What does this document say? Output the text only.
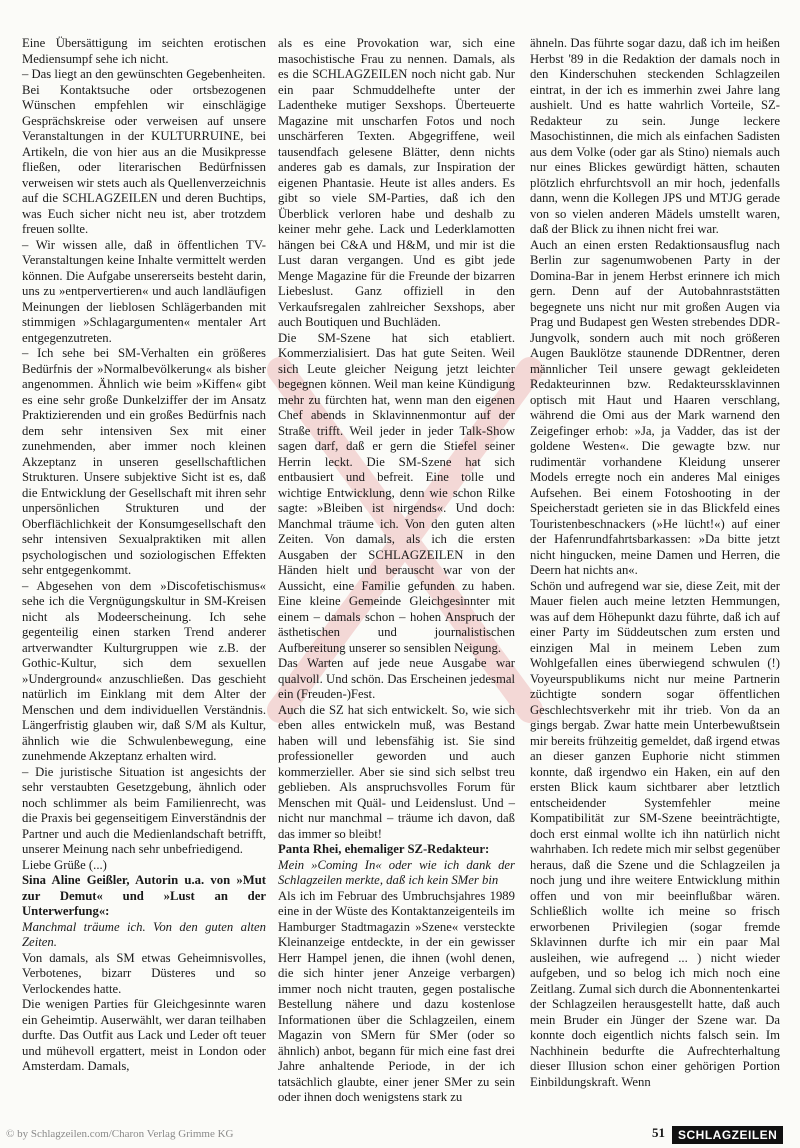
Eine Übersättigung im seichten erotischen Mediensumpf sehe ich nicht.

– Das liegt an den gewünschten Gegebenheiten.

Bei Kontaktsuche oder ortsbezogenen Wünschen empfehlen wir einschlägige Gesprächskreise oder verweisen auf unsere Veranstaltungen in der KULTURRUINE, bei Artikeln, die von hier aus an die Musikpresse fließen, oder literarischen Bedürfnissen verweisen wir stets auch als Quellenverzeichnis auf die SCHLAGZEILEN und deren Buchtips, was Euch sicher nicht neu ist, aber trotzdem freuen sollte.

– Wir wissen alle, daß in öffentlichen TV-Veranstaltungen keine Inhalte vermittelt werden können. Die Aufgabe unsererseits besteht darin, uns zu »entpervertieren« und auch landläufigen Meinungen der lieblosen Schlägerbanden mit stimmigen »Schlagargumenten« mentaler Art entgegenzutreten.

– Ich sehe bei SM-Verhalten ein größeres Bedürfnis der »Normalbevölkerung« als bisher angenommen. Ähnlich wie beim »Kiffen« gibt es eine sehr große Dunkelziffer der im Ansatz Praktizierenden und ein großes Bedürfnis nach dem sehr intensiven Sex mit einer zunehmenden, aber immer noch kleinen Akzeptanz in unseren gesellschaftlichen Strukturen. Unsere subjektive Sicht ist es, daß die Entwicklung der Gesellschaft mit ihren sehr unpersönlichen Strukturen und der Oberflächlichkeit der Konsumgesellschaft den sehr intensiven Sexualpraktiken mit allen psychologischen und soziologischen Effekten sehr entgegenkommt.

– Abgesehen von dem »Discofetischismus« sehe ich die Vergnügungskultur in SM-Kreisen nicht als Modeerscheinung. Ich sehe gegenteilig einen starken Trend anderer artverwandter Kulturgruppen wie z.B. der Gothic-Kultur, sich dem sexuellen »Underground« anzuschließen. Das geschieht natürlich im Einklang mit dem Alter der Menschen und dem individuellen Verständnis. Längerfristig glauben wir, daß S/M als Kultur, ähnlich wie die Schwulenbewegung, eine zunehmende Akzeptanz erhalten wird.

– Die juristische Situation ist angesichts der sehr verstaubten Gesetzgebung, ähnlich oder noch schlimmer als beim Familienrecht, was die Praxis bei gegenseitigem Einverständnis der Partner und auch die Medienlandschaft betrifft, unserer Meinung nach sehr unbefriedigend.

Liebe Grüße (...)

Sina Aline Geißler, Autorin u.a. von »Mut zur Demut« und »Lust an der Unterwerfung«:

Manchmal träume ich. Von den guten alten Zeiten.

Von damals, als SM etwas Geheimnisvolles, Verbotenes, bizarr Düsteres und so Verlockendes hatte.

Die wenigen Parties für Gleichgesinnte waren ein Geheimtip. Auserwählt, wer daran teilhaben durfte. Das Outfit aus Lack und Leder oft teuer und mühevoll ergattert, meist in London oder Amsterdam. Damals,

als es eine Provokation war, sich eine masochistische Frau zu nennen. Damals, als es die SCHLAGZEILEN noch nicht gab. Nur ein paar Schmuddelhefte unter der Ladentheke mutiger Sexshops. Überteuerte Magazine mit unscharfen Fotos und noch unschärferen Texten. Abgegriffene, weil tausendfach gelesene Blätter, denn nichts anderes gab es damals, zur Inspiration der eigenen Phantasie. Heute ist alles anders. Es gibt so viele SM-Parties, daß ich den Überblick verloren habe und deshalb zu keiner mehr gehe. Lack und Lederklamotten hängen bei C&A und H&M, und mir ist die Lust daran vergangen. Und es gibt jede Menge Magazine für die Freunde der bizarren Liebeslust. Ganz offiziell in den Verkaufsregalen zahlreicher Sexshops, aber auch Boutiquen und Buchläden.

Die SM-Szene hat sich etabliert. Kommerzialisiert. Das hat gute Seiten. Weil sich Leute gleicher Neigung jetzt leichter begegnen können. Weil man keine Kündigung mehr zu fürchten hat, wenn man den eigenen Chef abends in Sklavinnenmontur auf der Straße trifft. Weil jeder in jeder Talk-Show sagen darf, daß er gern die Stiefel seiner Herrin leckt. Die SM-Szene hat sich entbausiert und befreit. Eine tolle und wichtige Entwicklung, denn wie schon Rilke sagte: »Bleiben ist nirgends«. Und doch: Manchmal träume ich. Von den guten alten Zeiten. Von damals, als ich die ersten Ausgaben der SCHLAGZEILEN in den Händen hielt und berauscht war von der Aussicht, eine Familie gefunden zu haben. Eine kleine Gemeinde Gleichgesinnter mit einem – damals schon – hohen Anspruch der ästhetischen und journalistischen Aufbereitung unserer so sensiblen Neigung.

Das Warten auf jede neue Ausgabe war qualvoll. Und schön. Das Erscheinen jedesmal ein (Freuden-)Fest.

Auch die SZ hat sich entwickelt. So, wie sich eben alles entwickeln muß, was Bestand haben will und lebensfähig ist. Sie sind professioneller geworden und auch kommerzieller. Aber sie sind sich selbst treu geblieben. Als anspruchsvolles Forum für Menschen mit Quäl- und Leidenslust. Und – nicht nur manchmal – träume ich davon, daß das immer so bleibt!

Panta Rhei, ehemaliger SZ-Redakteur:

Mein »Coming In« oder wie ich dank der Schlagzeilen merkte, daß ich kein SMer bin

Als ich im Februar des Umbruchsjahres 1989 eine in der Wüste des Kontaktanzeigenteils im Hamburger Stadtmagazin »Szene« versteckte Kleinanzeige entdeckte, in der ein gewisser Herr Hampel jenen, die ihnen (wohl denen, die sich hinter jener Anzeige verbargen) immer noch nicht trauten, gegen postalische Bestellung nähere und dazu kostenlose Informationen über die Schlagzeilen, einem Magazin von SMern für SMer (oder so ähnlich) anbot, begann für mich eine fast drei Jahre anhaltende Periode, in der ich tatsächlich glaubte, einer jener SMer zu sein oder ihnen doch wenigstens stark zu

ähneln. Das führte sogar dazu, daß ich im heißen Herbst '89 in die Redaktion der damals noch in den Kinderschuhen steckenden Schlagzeilen eintrat, in der ich es immerhin zwei Jahre lang aushielt. Und es hatte wahrlich Vorteile, SZ-Redakteur zu sein. Junge leckere Masochistinnen, die mich als einfachen Sadisten aus dem Volke (oder gar als Stino) niemals auch nur eines Blickes gewürdigt hätten, schauten plötzlich ehrfurchtsvoll an mir hoch, jedenfalls dann, wenn die Kollegen JPS und MTJG gerade von so vielen anderen Mädels umstellt waren, daß der Blick zu ihnen nicht frei war.

Auch an einen ersten Redaktionsausflug nach Berlin zur sagenumwobenen Party in der Domina-Bar in jenem Herbst erinnere ich mich gern. Denn auf der Autobahnraststätten begegnete uns nicht nur mit großen Augen via Prag und Budapest gen Westen strebendes DDR-Jungvolk, sondern auch mit noch größeren Augen Bauklötze staunende DDRentner, deren männlicher Teil unsere gewagt gekleideten Redakteurinnen bzw. Redakteurssklavinnen optisch mit Haut und Haaren verschlang, während die Omi aus der Mark warnend den Zeigefinger erhob: »Ja, ja Vadder, das ist der goldene Westen«. Die gewagte bzw. nur rudimentär vorhandene Kleidung unserer Models erregte noch ein anderes Mal einiges Aufsehen. Bei einem Fotoshooting in der Speicherstadt gerieten sie in das Blickfeld eines Touristenbeschnackers (»He lücht!«) auf einer der Hafenrundfahrtsbarkassen: »Da bitte jetzt nicht hingucken, meine Damen und Herren, die Deern hat nichts an«.

Schön und aufregend war sie, diese Zeit, mit der Mauer fielen auch meine letzten Hemmungen, was auf dem Höhepunkt dazu führte, daß ich auf einer Party im Süddeutschen zum ersten und einzigen Mal in meinem Leben zum Wohlgefallen eines überwiegend schwulen (!) Voyeurspublikums nicht nur meine Partnerin züchtigte sondern sogar öffentlichen Geschlechtsverkehr mit ihr trieb. Von da an gings bergab. Zwar hatte mein Unterbewußtsein mir bereits frühzeitig gemeldet, daß irgend etwas an dieser ganzen Euphorie nicht stimmen konnte, daß irgendwo ein Haken, ein auf den ersten Blick kaum sichtbarer aber letztlich entscheidender Systemfehler meine Kompatibilität zur SM-Szene beeinträchtigte, doch erst einmal wollte ich ihn natürlich nicht wahrhaben. Ich redete mich mir selbst gegenüber heraus, daß die Szene und die Schlagzeilen ja noch jung und ihre weitere Entwicklung mithin offen und von mir beeinflußbar wären. Schließlich wollte ich meine so frisch erworbenen Privilegien (sogar fremde Sklavinnen durfte ich mir ein paar Mal ausleihen, wie aufregend ... ) nicht wieder aufgeben, und so belog ich mich noch eine Zeitlang. Zumal sich durch die Abonnentenkartei der Schlagzeilen herausgestellt hatte, daß auch mein Bruder ein Jünger der Szene war. Da konnte doch eigentlich nichts falsch sein. Im Nachhinein bedurfte die Aufrechterhaltung dieser Illusion schon einer gehörigen Portion Einbildungskraft. Wenn

© by Schlagzeilen.com/Charon Verlag Grimme KG	51	SCHLAGZEILEN
